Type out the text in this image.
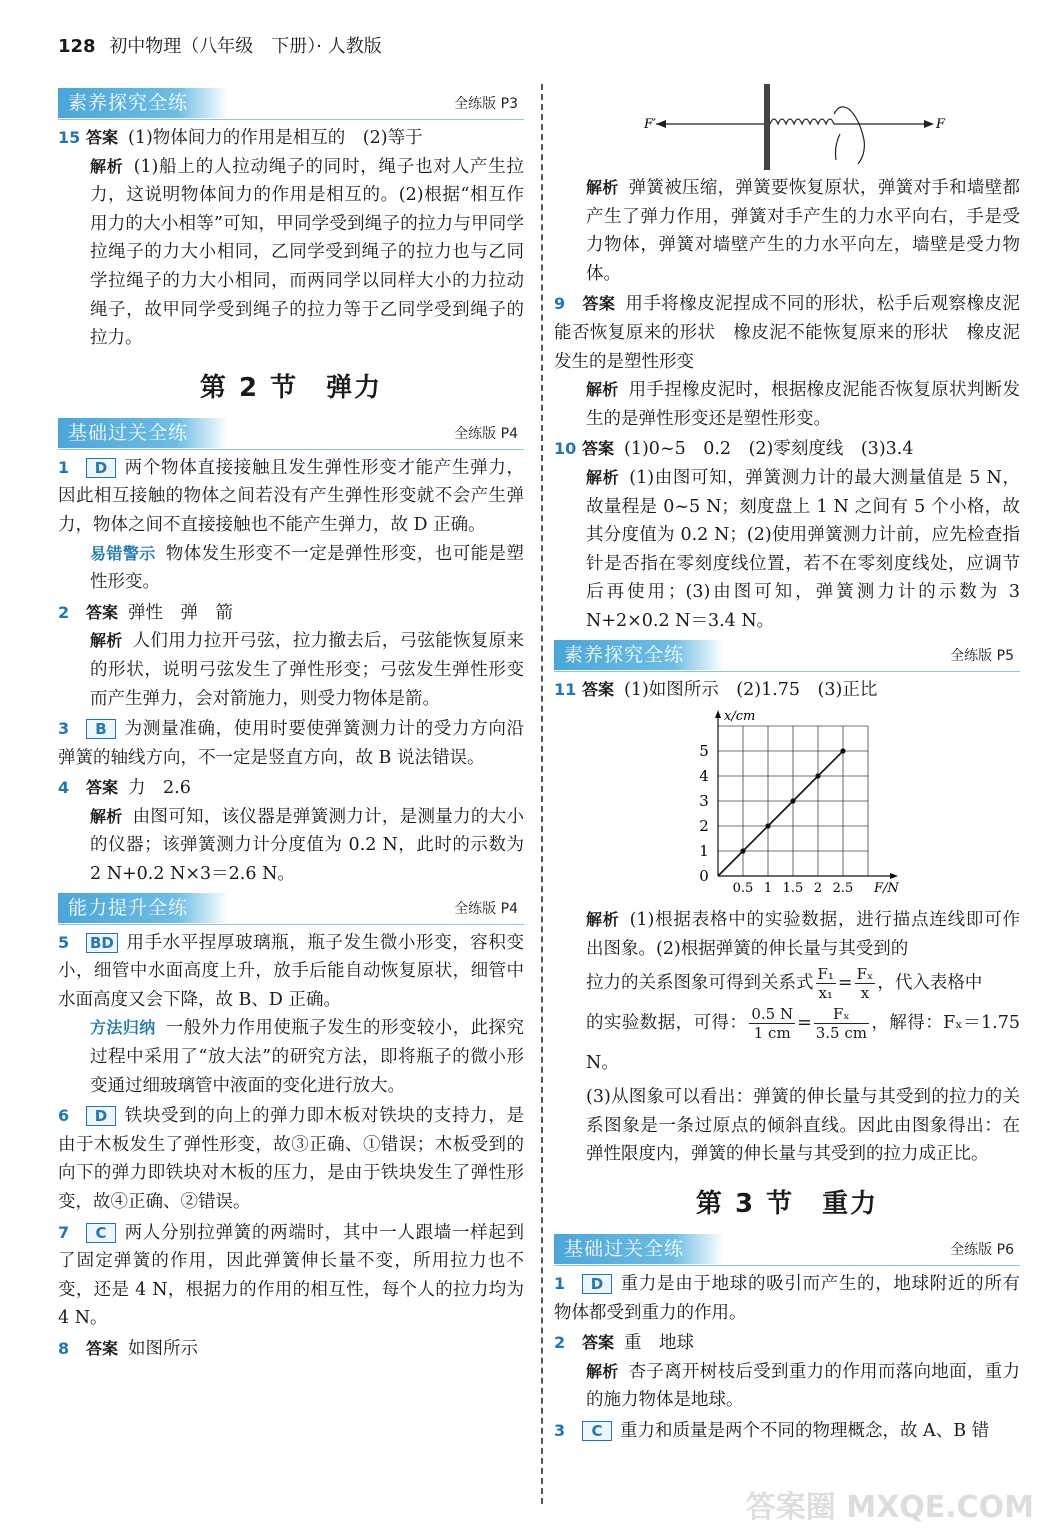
128 初中物理（八年级　下册）· 人教版
素养探究全练	全练版 P3

15 答案 (1)物体间力的作用是相互的　(2)等于

解析 (1)船上的人拉动绳子的同时，绳子也对人产生拉力，这说明物体间力的作用是相互的。(2)根据“相互作用力的大小相等”可知，甲同学受到绳子的拉力与甲同学拉绳子的力大小相同，乙同学受到绳子的拉力也与乙同学拉绳子的力大小相同，而两同学以同样大小的力拉动绳子，故甲同学受到绳子的拉力等于乙同学受到绳子的拉力。

第 2 节　弹力
基础过关全练	全练版 P4

1 D 两个物体直接接触且发生弹性形变才能产生弹力，因此相互接触的物体之间若没有产生弹性形变就不会产生弹力，物体之间不直接接触也不能产生弹力，故 D 正确。

易错警示 物体发生形变不一定是弹性形变，也可能是塑性形变。

2 答案 弹性　弹　箭

解析 人们用力拉开弓弦，拉力撤去后，弓弦能恢复原来的形状，说明弓弦发生了弹性形变；弓弦发生弹性形变而产生弹力，会对箭施力，则受力物体是箭。

3 B 为测量准确，使用时要使弹簧测力计的受力方向沿弹簧的轴线方向，不一定是竖直方向，故 B 说法错误。

4 答案 力　2.6

解析 由图可知，该仪器是弹簧测力计，是测量力的大小的仪器；该弹簧测力计分度值为 0.2 N，此时的示数为 2 N+0.2 N×3＝2.6 N。

能力提升全练	全练版 P4

5 BD 用手水平捏厚玻璃瓶，瓶子发生微小形变，容积变小，细管中水面高度上升，放手后能自动恢复原状，细管中水面高度又会下降，故 B、D 正确。

方法归纳 一般外力作用使瓶子发生的形变较小，此探究过程中采用了“放大法”的研究方法，即将瓶子的微小形变通过细玻璃管中液面的变化进行放大。

6 D 铁块受到的向上的弹力即木板对铁块的支持力，是由于木板发生了弹性形变，故③正确、①错误；木板受到的向下的弹力即铁块对木板的压力，是由于铁块发生了弹性形变，故④正确、②错误。

7 C 两人分别拉弹簧的两端时，其中一人跟墙一样起到了固定弹簧的作用，因此弹簧伸长量不变，所用拉力也不变，还是 4 N，根据力的作用的相互性，每个人的拉力均为 4 N。

8 答案 如图所示

F′	F

解析 弹簧被压缩，弹簧要恢复原状，弹簧对手和墙壁都产生了弹力作用，弹簧对手产生的力水平向右，手是受力物体，弹簧对墙壁产生的力水平向左，墙壁是受力物体。

9 答案 用手将橡皮泥捏成不同的形状，松手后观察橡皮泥能否恢复原来的形状　橡皮泥不能恢复原来的形状　橡皮泥发生的是塑性形变

解析 用手捏橡皮泥时，根据橡皮泥能否恢复原状判断发生的是弹性形变还是塑性形变。

10 答案 (1)0~5　0.2　(2)零刻度线　(3)3.4

解析 (1)由图可知，弹簧测力计的最大测量值是 5 N，故量程是 0~5 N；刻度盘上 1 N 之间有 5 个小格，故其分度值为 0.2 N；(2)使用弹簧测力计前，应先检查指针是否指在零刻度线位置，若不在零刻度线处，应调节后再使用；(3)由图可知，弹簧测力计的示数为 3 N+2×0.2 N＝3.4 N。

素养探究全练	全练版 P5

11 答案 (1)如图所示　(2)1.75　(3)正比

0
1
2
3
4
5
0.5 1 1.5 2 2.5
x/cm
F/N

解析 (1)根据表格中的实验数据，进行描点连线即可作出图象。(2)根据弹簧的伸长量与其受到的

拉力的关系图象可得到关系式 $\frac{\text{F₁}}{\text{x₁}} = \frac{\text{Fₓ}}{x}$ ，代入表格中

的实验数据，可得： $\frac{0.5 N}{1 cm} = \frac{\text{Fₓ}}{3.5 cm}$ ，解得：Fₓ＝1.75 N。

(3)从图象可以看出：弹簧的伸长量与其受到的拉力的关系图象是一条过原点的倾斜直线。因此由图象得出：在弹性限度内，弹簧的伸长量与其受到的拉力成正比。

第 3 节　重力
基础过关全练	全练版 P6

1 D 重力是由于地球的吸引而产生的，地球附近的所有物体都受到重力的作用。

2 答案 重　地球

解析 杏子离开树枝后受到重力的作用而落向地面，重力的施力物体是地球。

3 C 重力和质量是两个不同的物理概念，故 A、B 错

答案圈 MXQE.COM
